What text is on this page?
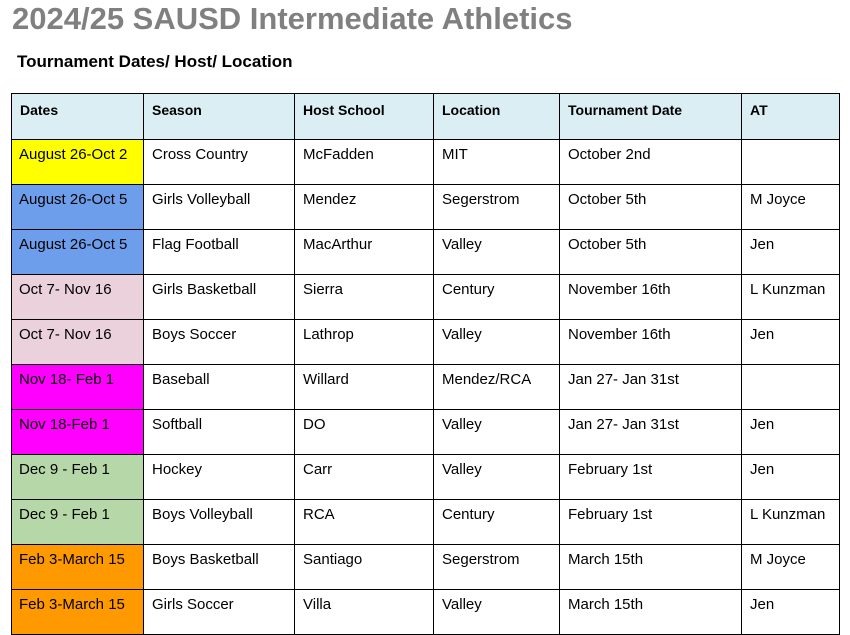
2024/25 SAUSD Intermediate Athletics
Tournament Dates/ Host/ Location
Dates	Season	Host School	Location	Tournament Date	AT
August 26-Oct 2	Cross Country	McFadden	MIT	October 2nd	
August 26-Oct 5	Girls Volleyball	Mendez	Segerstrom	October 5th	M Joyce
August 26-Oct 5	Flag Football	MacArthur	Valley	October 5th	Jen
Oct 7- Nov 16	Girls Basketball	Sierra	Century	November 16th	L Kunzman
Oct 7- Nov 16	Boys Soccer	Lathrop	Valley	November 16th	Jen
Nov 18- Feb 1	Baseball	Willard	Mendez/RCA	Jan 27- Jan 31st	
Nov 18-Feb 1	Softball	DO	Valley	Jan 27- Jan 31st	Jen
Dec 9 - Feb 1	Hockey	Carr	Valley	February 1st	Jen
Dec 9 - Feb 1	Boys Volleyball	RCA	Century	February 1st	L Kunzman
Feb 3-March 15	Boys Basketball	Santiago	Segerstrom	March 15th	M Joyce
Feb 3-March 15	Girls Soccer	Villa	Valley	March 15th	Jen
